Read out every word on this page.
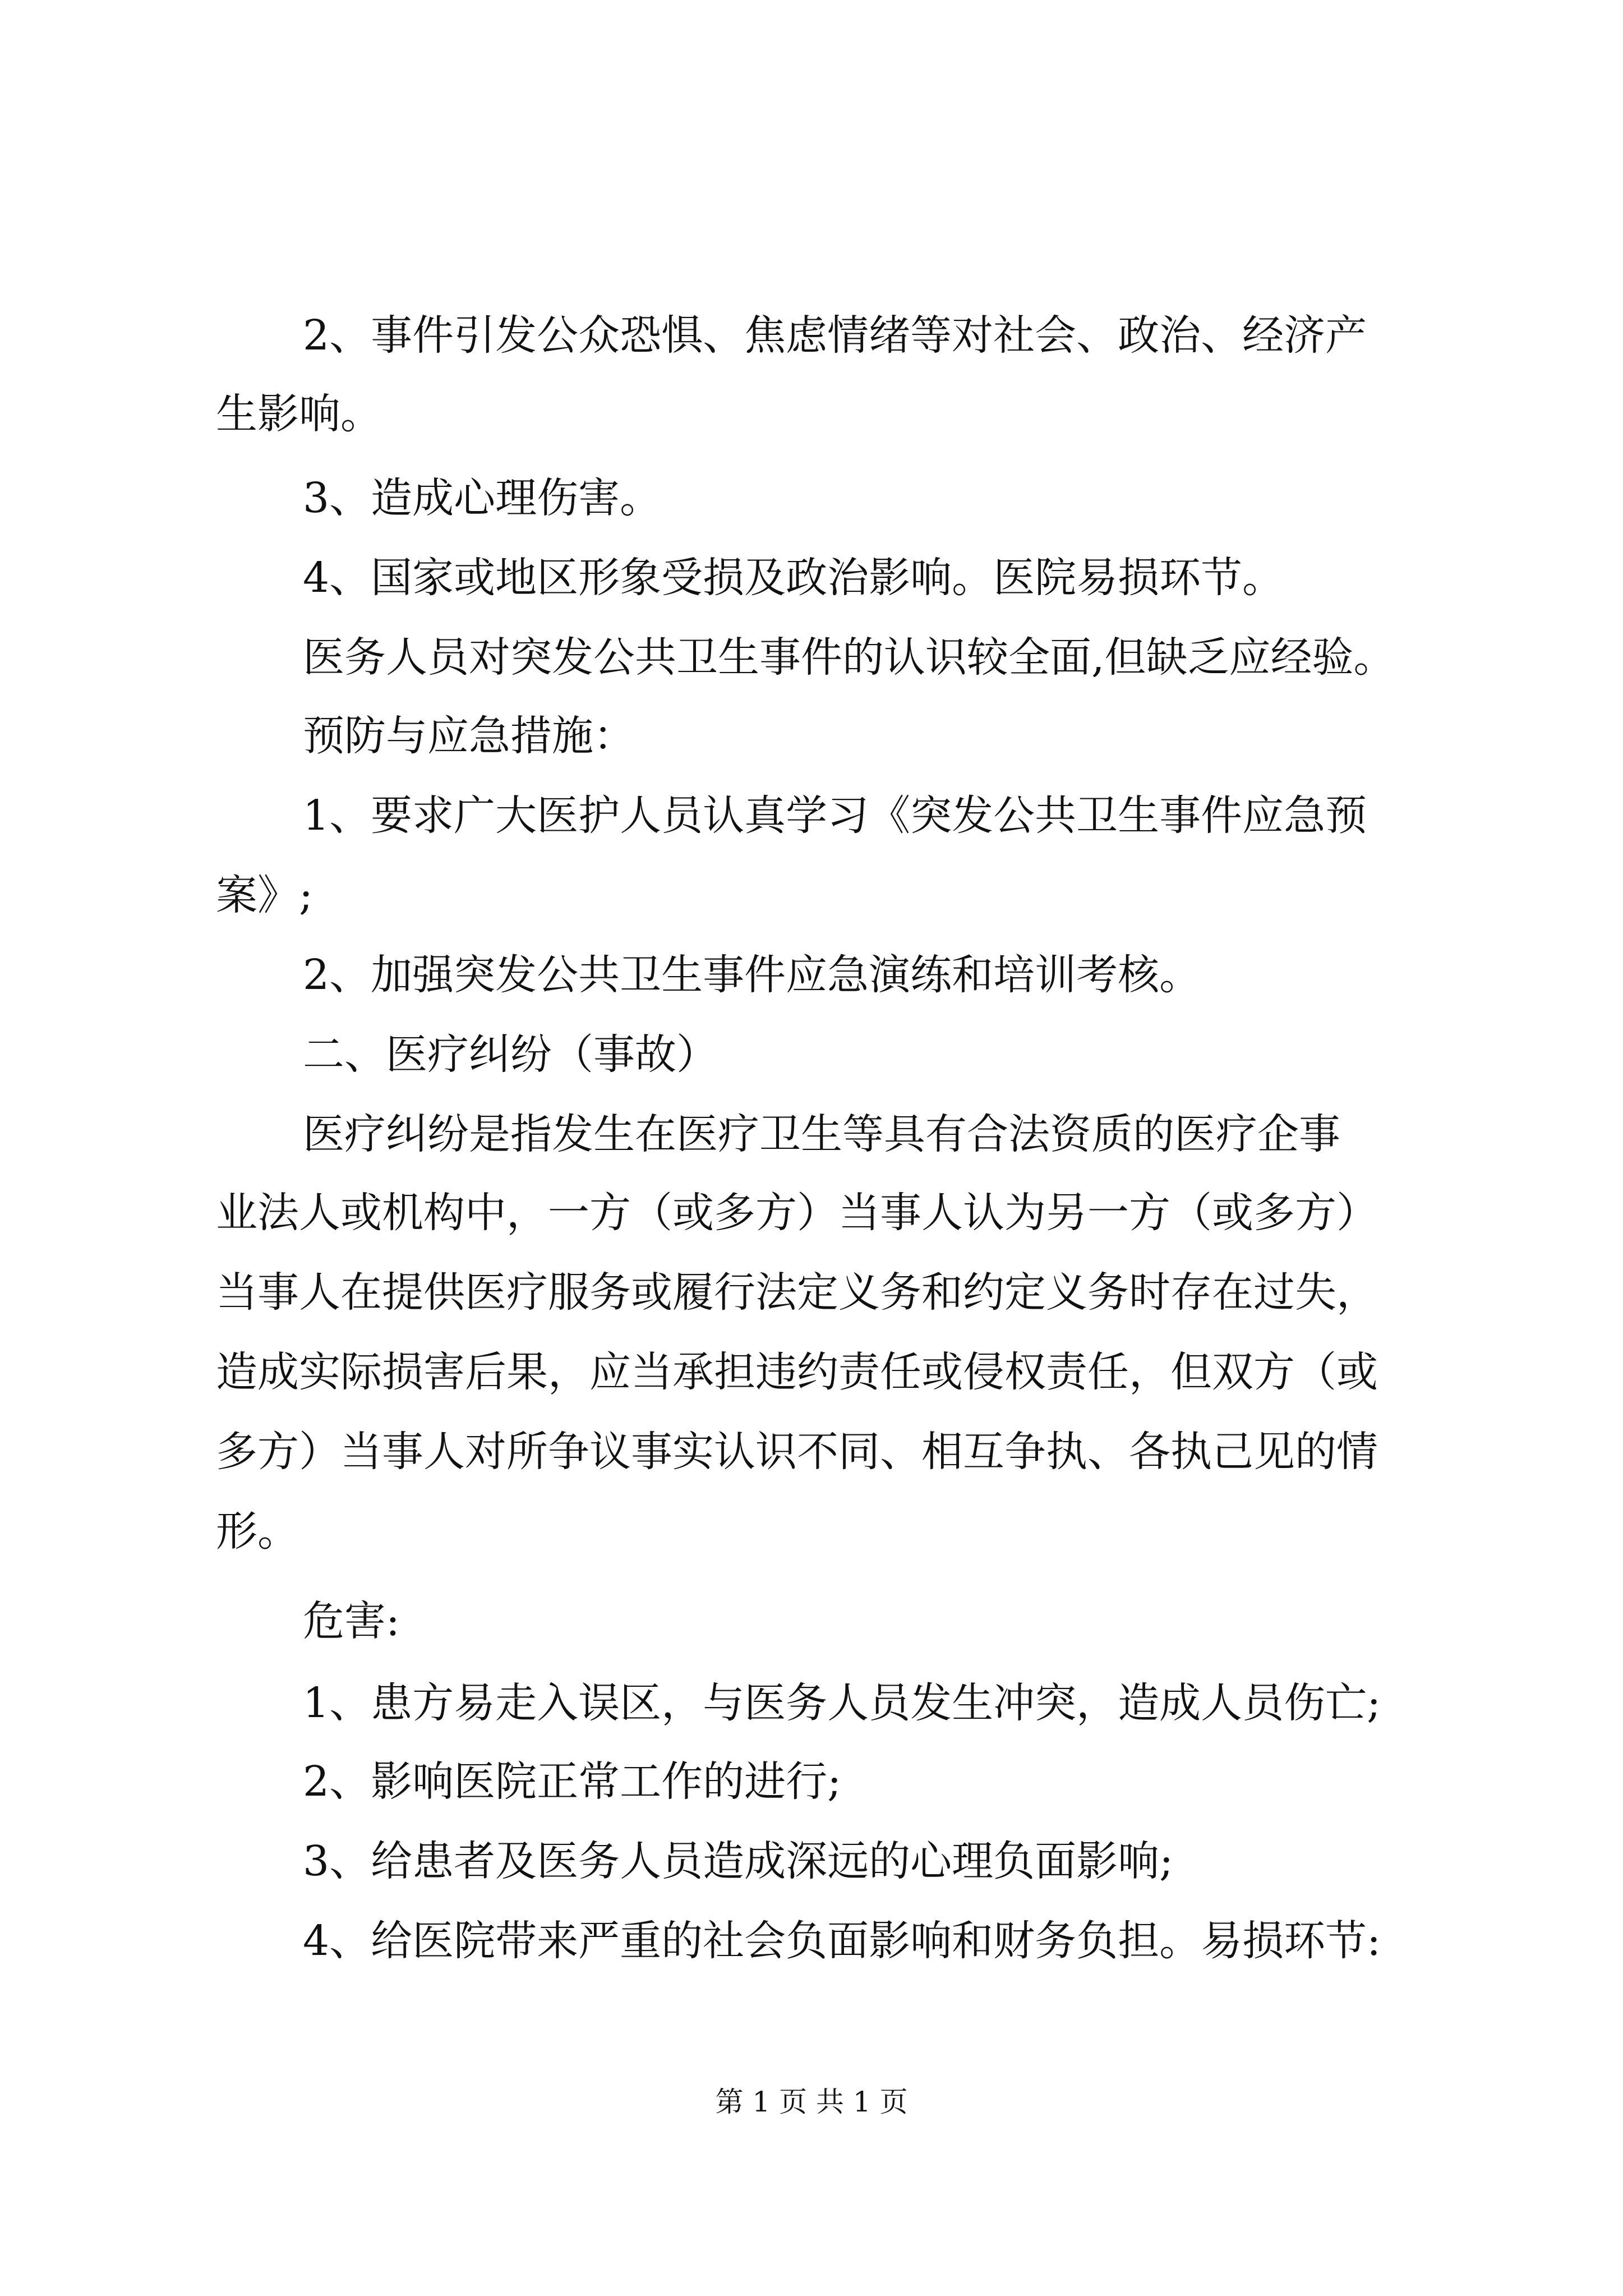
2、事件引发公众恐惧、焦虑情绪等对社会、政治、经济产

生影响。

3、造成心理伤害。

4、国家或地区形象受损及政治影响。医院易损环节。

医务人员对突发公共卫生事件的认识较全面,但缺乏应经验。

预防与应急措施：

1、要求广大医护人员认真学习《突发公共卫生事件应急预

案》;

2、加强突发公共卫生事件应急演练和培训考核。

二、医疗纠纷（事故）

医疗纠纷是指发生在医疗卫生等具有合法资质的医疗企事

业法人或机构中，一方（或多方）当事人认为另一方（或多方）

当事人在提供医疗服务或履行法定义务和约定义务时存在过失，

造成实际损害后果，应当承担违约责任或侵权责任，但双方（或

多方）当事人对所争议事实认识不同、相互争执、各执己见的情

形。

危害:

1、患方易走入误区，与医务人员发生冲突，造成人员伤亡;

2、影响医院正常工作的进行;

3、给患者及医务人员造成深远的心理负面影响;

4、给医院带来严重的社会负面影响和财务负担。易损环节:

第 1 页 共 1 页
